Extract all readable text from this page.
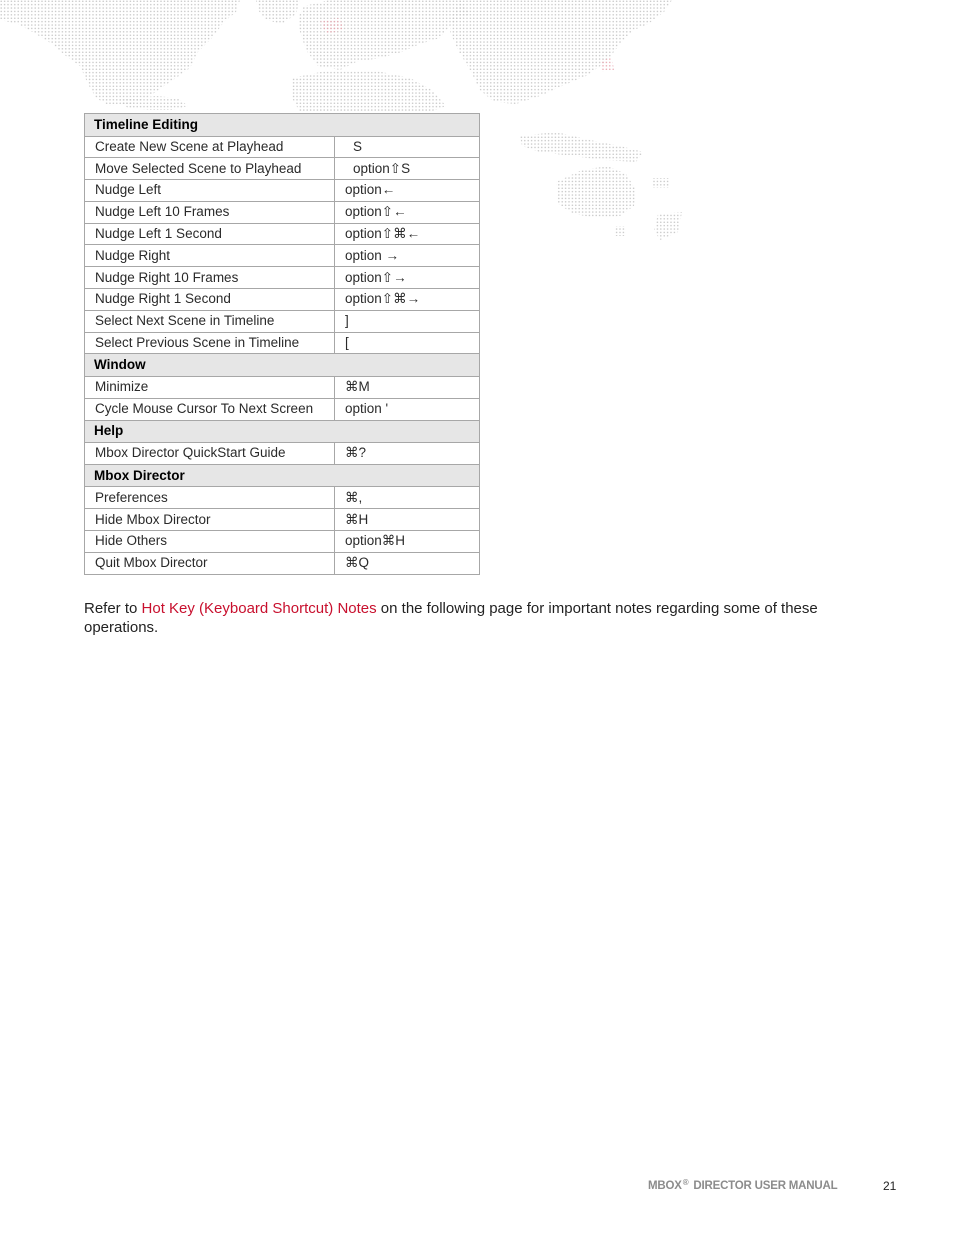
Timeline Editing	
Create New Scene at Playhead	S
Move Selected Scene to Playhead	option⇧S
Nudge Left	option←
Nudge Left 10 Frames	option⇧←
Nudge Left 1 Second	option⇧⌘←
Nudge Right	option →
Nudge Right 10 Frames	option⇧→
Nudge Right 1 Second	option⇧⌘→
Select Next Scene in Timeline	]
Select Previous Scene in Timeline	[
Window	
Minimize	⌘M
Cycle Mouse Cursor To Next Screen	option '
Help	
Mbox Director QuickStart Guide	⌘?
Mbox Director	
Preferences	⌘,
Hide Mbox Director	⌘H
Hide Others	option⌘H
Quit Mbox Director	⌘Q

Refer to Hot Key (Keyboard Shortcut) Notes on the following page for important notes regarding some of these operations.

MBOX® DIRECTOR USER MANUAL	21
